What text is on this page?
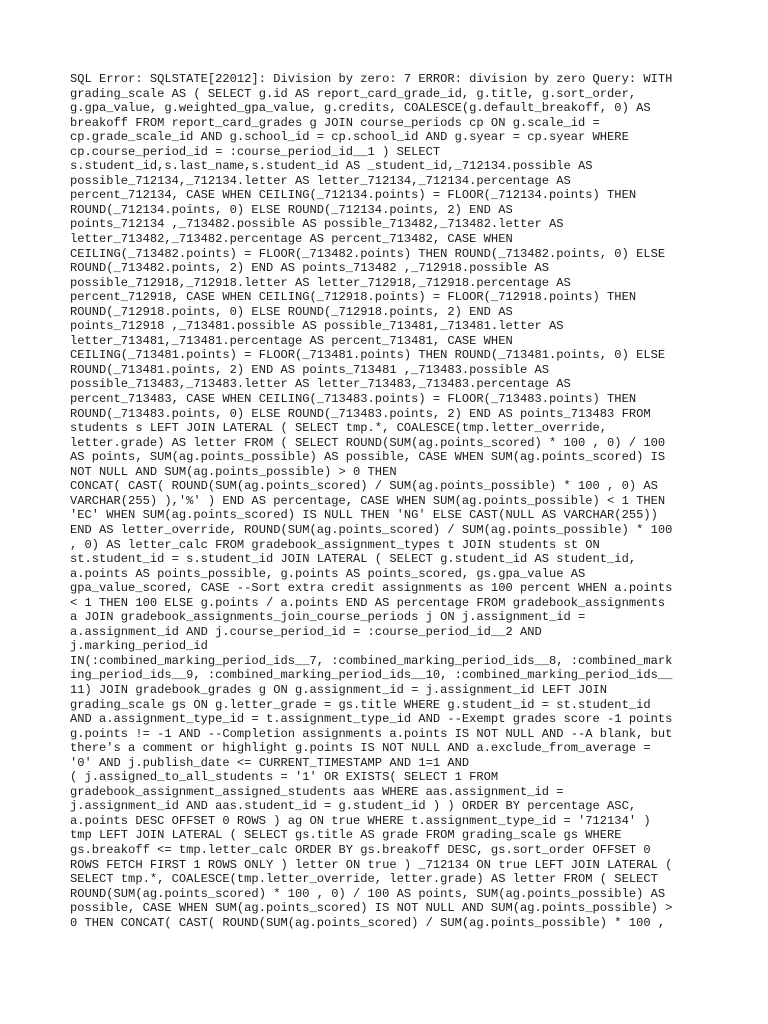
SQL Error: SQLSTATE[22012]: Division by zero: 7 ERROR: division by zero Query: WITH
grading_scale AS ( SELECT g.id AS report_card_grade_id, g.title, g.sort_order,
g.gpa_value, g.weighted_gpa_value, g.credits, COALESCE(g.default_breakoff, 0) AS
breakoff FROM report_card_grades g JOIN course_periods cp ON g.scale_id =
cp.grade_scale_id AND g.school_id = cp.school_id AND g.syear = cp.syear WHERE
cp.course_period_id = :course_period_id__1 ) SELECT
s.student_id,s.last_name,s.student_id AS _student_id,_712134.possible AS
possible_712134,_712134.letter AS letter_712134,_712134.percentage AS
percent_712134, CASE WHEN CEILING(_712134.points) = FLOOR(_712134.points) THEN
ROUND(_712134.points, 0) ELSE ROUND(_712134.points, 2) END AS
points_712134 ,_713482.possible AS possible_713482,_713482.letter AS
letter_713482,_713482.percentage AS percent_713482, CASE WHEN
CEILING(_713482.points) = FLOOR(_713482.points) THEN ROUND(_713482.points, 0) ELSE
ROUND(_713482.points, 2) END AS points_713482 ,_712918.possible AS
possible_712918,_712918.letter AS letter_712918,_712918.percentage AS
percent_712918, CASE WHEN CEILING(_712918.points) = FLOOR(_712918.points) THEN
ROUND(_712918.points, 0) ELSE ROUND(_712918.points, 2) END AS
points_712918 ,_713481.possible AS possible_713481,_713481.letter AS
letter_713481,_713481.percentage AS percent_713481, CASE WHEN
CEILING(_713481.points) = FLOOR(_713481.points) THEN ROUND(_713481.points, 0) ELSE
ROUND(_713481.points, 2) END AS points_713481 ,_713483.possible AS
possible_713483,_713483.letter AS letter_713483,_713483.percentage AS
percent_713483, CASE WHEN CEILING(_713483.points) = FLOOR(_713483.points) THEN
ROUND(_713483.points, 0) ELSE ROUND(_713483.points, 2) END AS points_713483 FROM
students s LEFT JOIN LATERAL ( SELECT tmp.*, COALESCE(tmp.letter_override,
letter.grade) AS letter FROM ( SELECT ROUND(SUM(ag.points_scored) * 100 , 0) / 100
AS points, SUM(ag.points_possible) AS possible, CASE WHEN SUM(ag.points_scored) IS
NOT NULL AND SUM(ag.points_possible) > 0 THEN
CONCAT( CAST( ROUND(SUM(ag.points_scored) / SUM(ag.points_possible) * 100 , 0) AS
VARCHAR(255) ),'%' ) END AS percentage, CASE WHEN SUM(ag.points_possible) < 1 THEN
'EC' WHEN SUM(ag.points_scored) IS NULL THEN 'NG' ELSE CAST(NULL AS VARCHAR(255))
END AS letter_override, ROUND(SUM(ag.points_scored) / SUM(ag.points_possible) * 100
, 0) AS letter_calc FROM gradebook_assignment_types t JOIN students st ON
st.student_id = s.student_id JOIN LATERAL ( SELECT g.student_id AS student_id,
a.points AS points_possible, g.points AS points_scored, gs.gpa_value AS
gpa_value_scored, CASE --Sort extra credit assignments as 100 percent WHEN a.points
< 1 THEN 100 ELSE g.points / a.points END AS percentage FROM gradebook_assignments
a JOIN gradebook_assignments_join_course_periods j ON j.assignment_id =
a.assignment_id AND j.course_period_id = :course_period_id__2 AND
j.marking_period_id
IN(:combined_marking_period_ids__7, :combined_marking_period_ids__8, :combined_mark
ing_period_ids__9, :combined_marking_period_ids__10, :combined_marking_period_ids__
11) JOIN gradebook_grades g ON g.assignment_id = j.assignment_id LEFT JOIN
grading_scale gs ON g.letter_grade = gs.title WHERE g.student_id = st.student_id
AND a.assignment_type_id = t.assignment_type_id AND --Exempt grades score -1 points
g.points != -1 AND --Completion assignments a.points IS NOT NULL AND --A blank, but
there's a comment or highlight g.points IS NOT NULL AND a.exclude_from_average =
'0' AND j.publish_date <= CURRENT_TIMESTAMP AND 1=1 AND
( j.assigned_to_all_students = '1' OR EXISTS( SELECT 1 FROM
gradebook_assignment_assigned_students aas WHERE aas.assignment_id =
j.assignment_id AND aas.student_id = g.student_id ) ) ORDER BY percentage ASC,
a.points DESC OFFSET 0 ROWS ) ag ON true WHERE t.assignment_type_id = '712134' )
tmp LEFT JOIN LATERAL ( SELECT gs.title AS grade FROM grading_scale gs WHERE
gs.breakoff <= tmp.letter_calc ORDER BY gs.breakoff DESC, gs.sort_order OFFSET 0
ROWS FETCH FIRST 1 ROWS ONLY ) letter ON true ) _712134 ON true LEFT JOIN LATERAL (
SELECT tmp.*, COALESCE(tmp.letter_override, letter.grade) AS letter FROM ( SELECT
ROUND(SUM(ag.points_scored) * 100 , 0) / 100 AS points, SUM(ag.points_possible) AS
possible, CASE WHEN SUM(ag.points_scored) IS NOT NULL AND SUM(ag.points_possible) >
0 THEN CONCAT( CAST( ROUND(SUM(ag.points_scored) / SUM(ag.points_possible) * 100 ,
